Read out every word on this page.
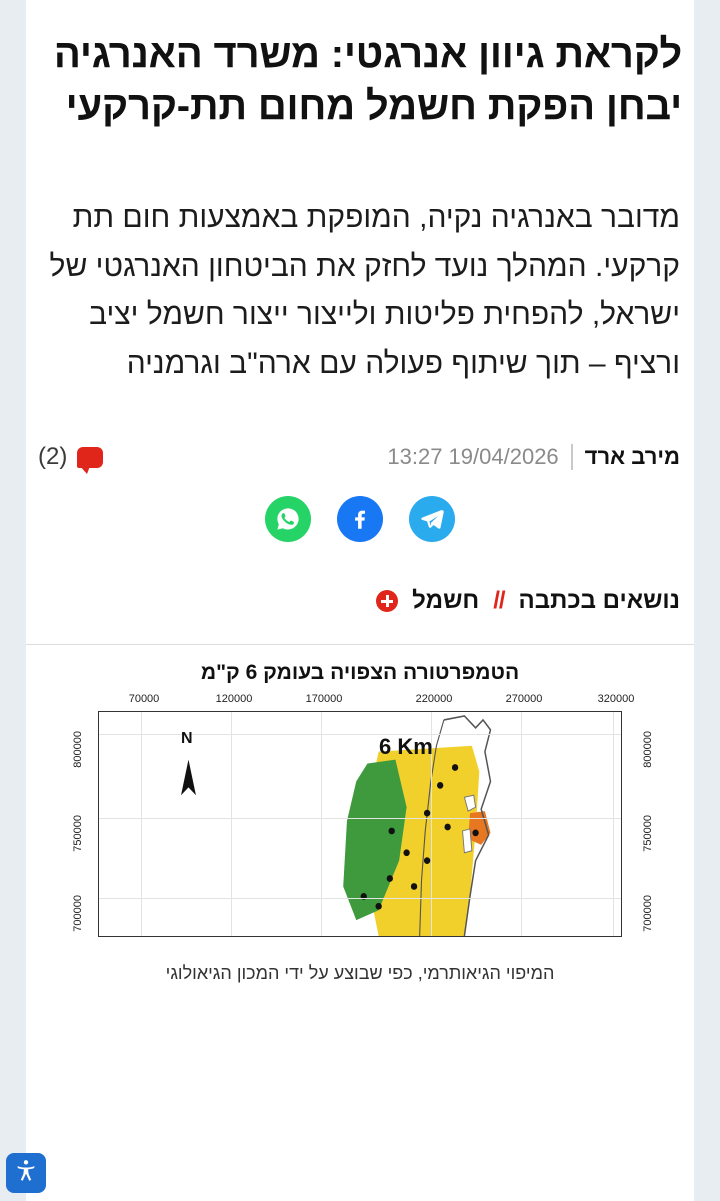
לקראת גיוון אנרגטי: משרד האנרגיה יבחן הפקת חשמל מחום תת-קרקעי

מדובר באנרגיה נקיה, המופקת באמצעות חום תת קרקעי. המהלך נועד לחזק את הביטחון האנרגטי של ישראל, להפחית פליטות ולייצור ייצור חשמל יציב ורציף – תוך שיתוף פעולה עם ארה"ב וגרמניה

מירב ארד
13:27 19/04/2026
(2)
נושאים בכתבה
//
חשמל
הטמפרטורה הצפויה בעומק 6 ק"מ
70000	120000	170000	220000	270000	320000
800000
750000
700000
800000
750000
700000
N	6 Km
המיפוי הגיאותרמי, כפי שבוצע על ידי המכון הגיאולוגי
